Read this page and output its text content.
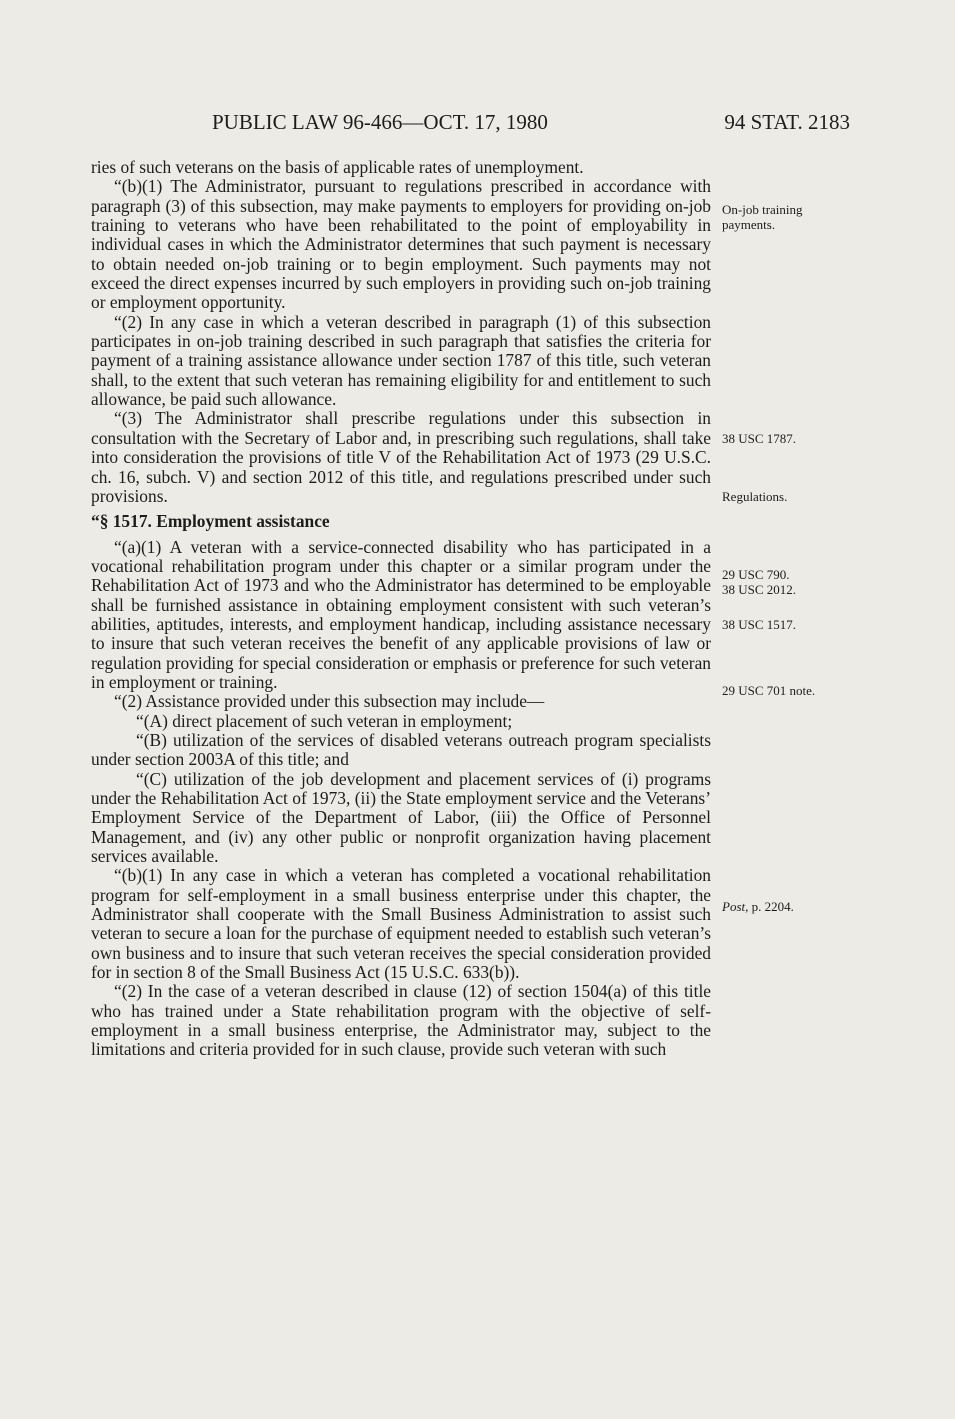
PUBLIC LAW 96-466—OCT. 17, 1980	94 STAT. 2183

ries of such veterans on the basis of applicable rates of unemployment.

“(b)(1) The Administrator, pursuant to regulations prescribed in accordance with paragraph (3) of this subsection, may make payments to employers for providing on-job training to veterans who have been rehabilitated to the point of employability in individual cases in which the Administrator determines that such payment is necessary to obtain needed on-job training or to begin employment. Such payments may not exceed the direct expenses incurred by such employers in providing such on-job training or employment opportunity.

“(2) In any case in which a veteran described in paragraph (1) of this subsection participates in on-job training described in such paragraph that satisfies the criteria for payment of a training assistance allowance under section 1787 of this title, such veteran shall, to the extent that such veteran has remaining eligibility for and entitlement to such allowance, be paid such allowance.

“(3) The Administrator shall prescribe regulations under this subsection in consultation with the Secretary of Labor and, in prescribing such regulations, shall take into consideration the provisions of title V of the Rehabilitation Act of 1973 (29 U.S.C. ch. 16, subch. V) and section 2012 of this title, and regulations prescribed under such provisions.

“§ 1517. Employment assistance

“(a)(1) A veteran with a service-connected disability who has participated in a vocational rehabilitation program under this chapter or a similar program under the Rehabilitation Act of 1973 and who the Administrator has determined to be employable shall be furnished assistance in obtaining employment consistent with such veteran’s abilities, aptitudes, interests, and employment handicap, including assistance necessary to insure that such veteran receives the benefit of any applicable provisions of law or regulation providing for special consideration or emphasis or preference for such veteran in employment or training.

“(2) Assistance provided under this subsection may include—

“(A) direct placement of such veteran in employment;

“(B) utilization of the services of disabled veterans outreach program specialists under section 2003A of this title; and

“(C) utilization of the job development and placement services of (i) programs under the Rehabilitation Act of 1973, (ii) the State employment service and the Veterans’ Employment Service of the Department of Labor, (iii) the Office of Personnel Management, and (iv) any other public or nonprofit organization having placement services available.

“(b)(1) In any case in which a veteran has completed a vocational rehabilitation program for self-employment in a small business enterprise under this chapter, the Administrator shall cooperate with the Small Business Administration to assist such veteran to secure a loan for the purchase of equipment needed to establish such veteran’s own business and to insure that such veteran receives the special consideration provided for in section 8 of the Small Business Act (15 U.S.C. 633(b)).

“(2) In the case of a veteran described in clause (12) of section 1504(a) of this title who has trained under a State rehabilitation program with the objective of self-employment in a small business enterprise, the Administrator may, subject to the limitations and criteria provided for in such clause, provide such veteran with such

On-job training payments.
38 USC 1787.
Regulations.
29 USC 790.
38 USC 2012.
38 USC 1517.
29 USC 701 note.
Post, p. 2204.
